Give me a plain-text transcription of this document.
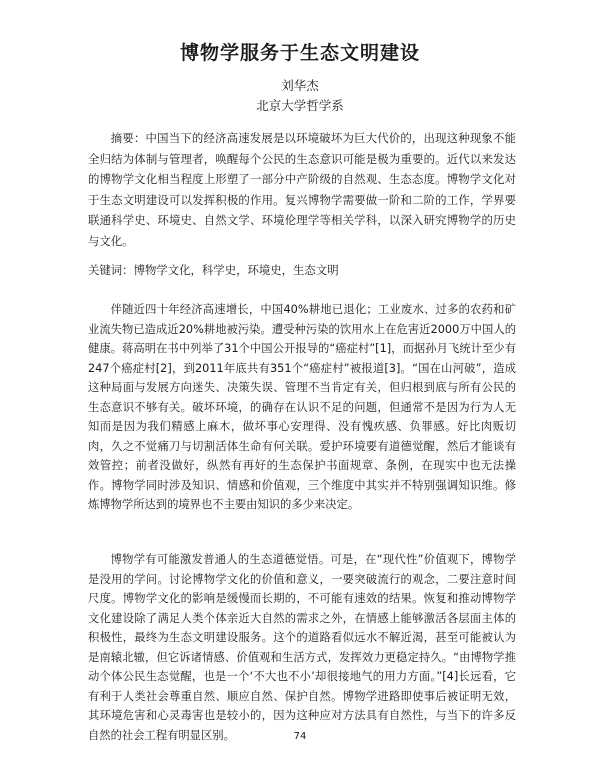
博物学服务于生态文明建设
刘华杰
北京大学哲学系
摘要：中国当下的经济高速发展是以环境破坏为巨大代价的，出现这种现象不能全归结为体制与管理者，唤醒每个公民的生态意识可能是极为重要的。近代以来发达的博物学文化相当程度上形塑了一部分中产阶级的自然观、生态态度。博物学文化对于生态文明建设可以发挥积极的作用。复兴博物学需要做一阶和二阶的工作，学界要联通科学史、环境史、自然文学、环境伦理学等相关学科，以深入研究博物学的历史与文化。
关键词：博物学文化，科学史，环境史，生态文明
伴随近四十年经济高速增长，中国40%耕地已退化；工业废水、过多的农药和矿业流失物已造成近20%耕地被污染。遭受种污染的饮用水上在危害近2000万中国人的健康。蒋高明在书中列举了31个中国公开报导的“癌症村”[1]，而据孙月飞统计至少有247个癌症村[2]，到2011年底共有351个“癌症村”被报道[3]。“国在山河破”，造成这种局面与发展方向迷失、决策失误、管理不当肯定有关，但归根到底与所有公民的生态意识不够有关。破坏环境，的确存在认识不足的问题，但通常不是因为行为人无知而是因为我们精感上麻木，做坏事心安理得、没有愧疚感、负罪感。好比肉贩切肉，久之不觉痛刀与切割活体生命有何关联。爱护环境要有道德觉醒，然后才能谈有效管控；前者没做好，纵然有再好的生态保护书面规章、条例，在现实中也无法操作。博物学同时涉及知识、情感和价值观，三个维度中其实并不特别强调知识维。修炼博物学所达到的境界也不主要由知识的多少来决定。
博物学有可能激发普通人的生态道德觉悟。可是，在“现代性”价值观下，博物学是没用的学问。讨论博物学文化的价值和意义，一要突破流行的观念，二要注意时间尺度。博物学文化的影响是缓慢而长期的，不可能有速效的结果。恢复和推动博物学文化建设除了满足人类个体亲近大自然的需求之外，在情感上能够激活各层面主体的积极性，最终为生态文明建设服务。这个的道路看似远水不解近渴，甚至可能被认为是南辕北辙，但它诉诸情感、价值观和生活方式，发挥效力更稳定持久。“由博物学推动个体公民生态觉醒，也是一个‘不大也不小’却很接地气的用力方面。”[4]长远看，它有利于人类社会尊重自然、顺应自然、保护自然。博物学进路即使事后被证明无效，其环境危害和心灵毒害也是较小的，因为这种应对方法具有自然性，与当下的许多反自然的社会工程有明显区别。	74
